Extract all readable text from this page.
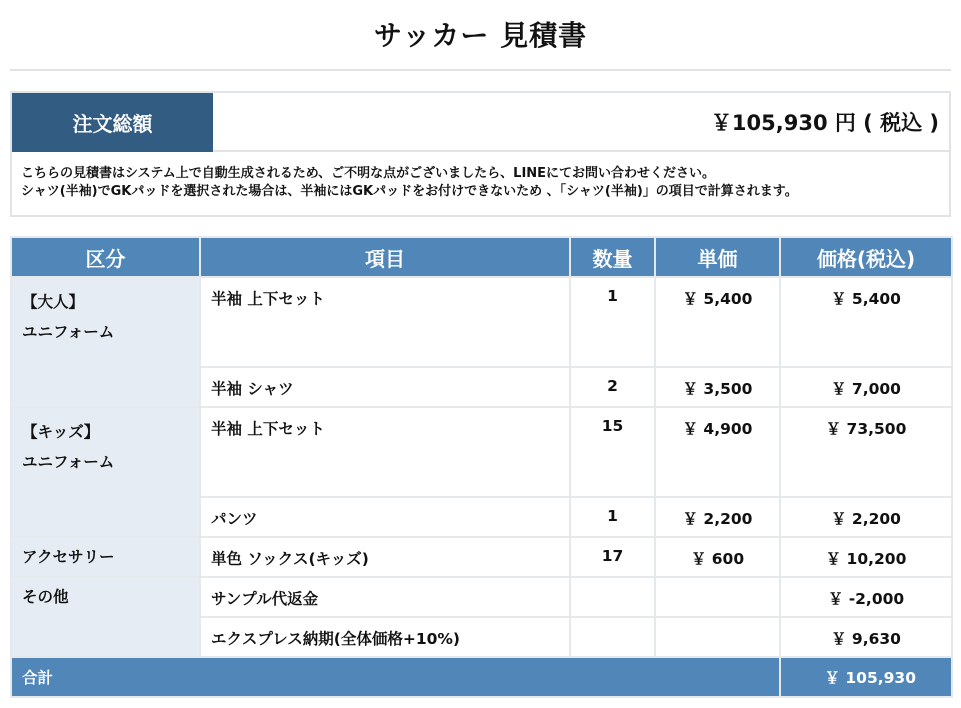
サッカー 見積書
注文総額	￥105,930 円 ( 税込 )
こちらの見積書はシステム上で自動生成されるため、ご不明な点がございましたら、LINEにてお問い合わせください。
シャツ(半袖)でGKパッドを選択された場合は、半袖にはGKパッドをお付けできないため 、「シャツ(半袖)」の項目で計算されます。
区分	項目	数量	単価	価格(税込)

【大人】
ユニフォーム	半袖 上下セット	1	￥ 5,400	￥ 5,400
	半袖 シャツ	2	￥ 3,500	￥ 7,000

【キッズ】
ユニフォーム	半袖 上下セット	15	￥ 4,900	￥ 73,500
	パンツ	1	￥ 2,200	￥ 2,200

アクセサリー	単色 ソックス(キッズ)	17	￥ 600	￥ 10,200

その他	サンプル代返金			￥ -2,000
	エクスプレス納期(全体価格+10%)			￥ 9,630
合計				￥ 105,930
